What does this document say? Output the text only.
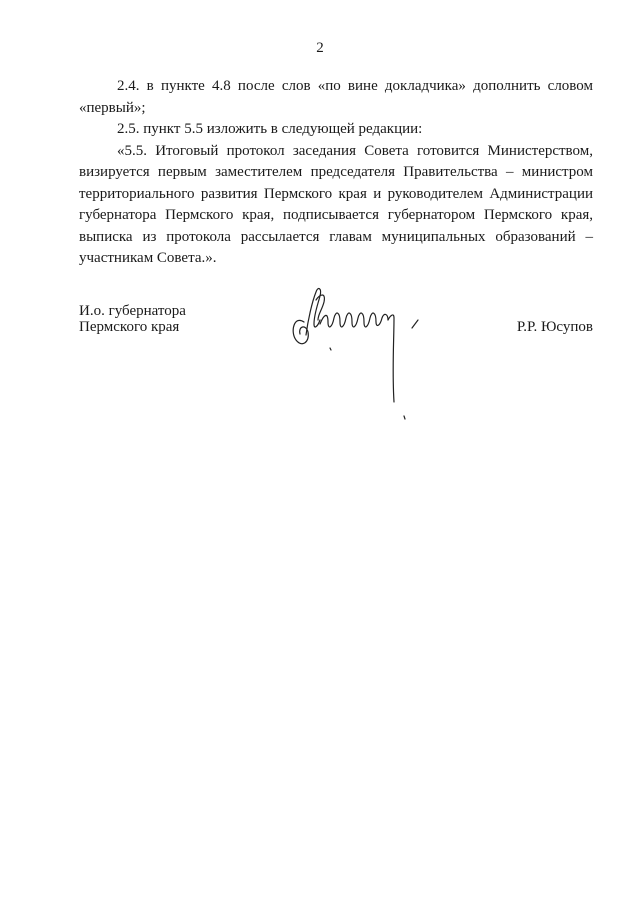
2

2.4. в пункте 4.8 после слов «по вине докладчика» дополнить словом «первый»;

2.5. пункт 5.5 изложить в следующей редакции:

«5.5. Итоговый протокол заседания Совета готовится Министерством, визируется первым заместителем председателя Правительства – министром территориального развития Пермского края и руководителем Администрации губернатора Пермского края, подписывается губернатором Пермского края, выписка из протокола рассылается главам муниципальных образований – участникам Совета.».

И.о. губернатора
Пермского края	Р.Р. Юсупов
